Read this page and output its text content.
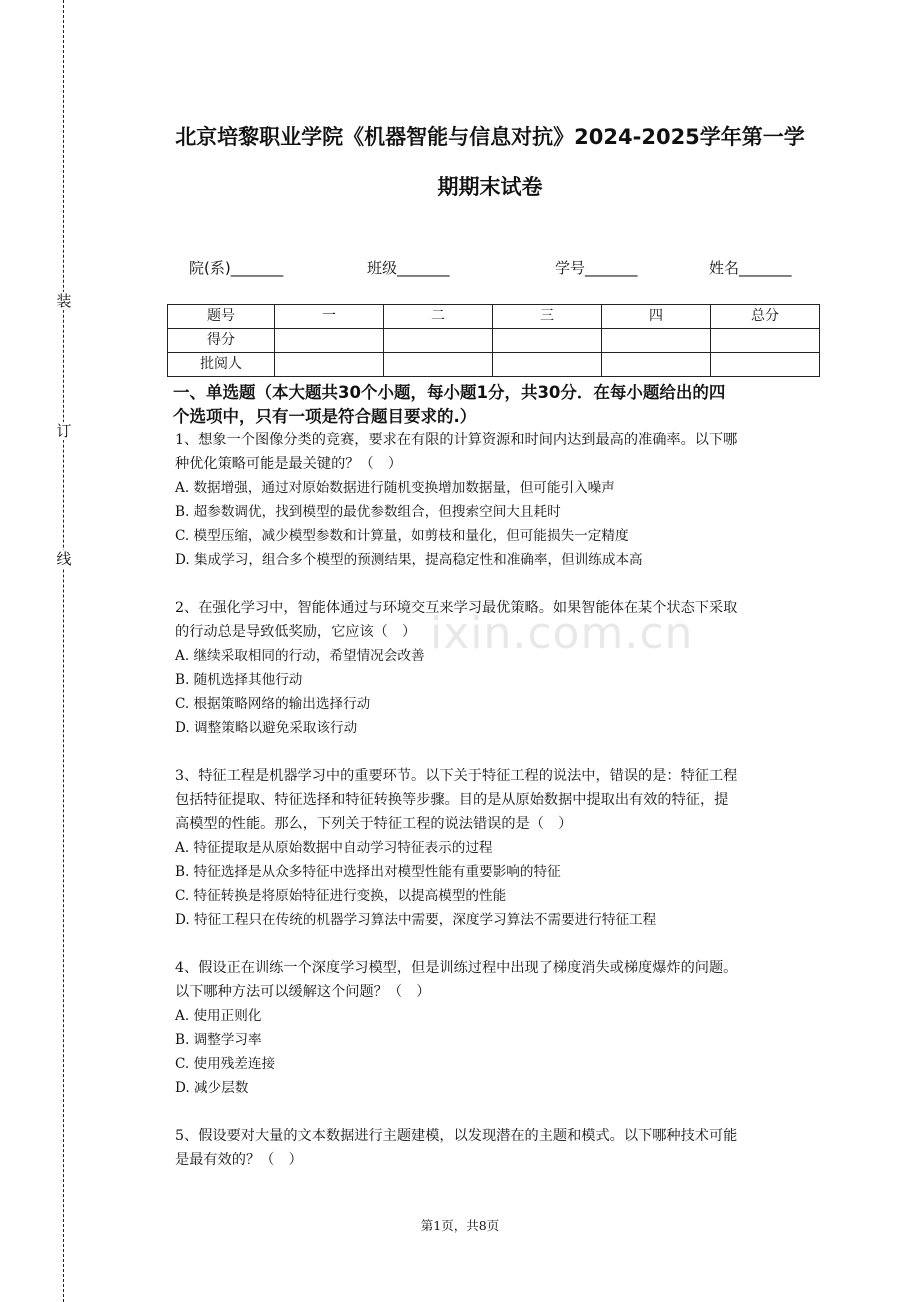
装
订
线
ixin.com.cn
北京培黎职业学院《机器智能与信息对抗》2024-2025学年第一学
期期末试卷
院(系)_______	班级_______	学号_______	姓名_______
题号	一	二	三	四	总分
得分					
批阅人					
一、单选题（本大题共30个小题，每小题1分，共30分．在每小题给出的四
个选项中，只有一项是符合题目要求的.）

1、想象一个图像分类的竞赛，要求在有限的计算资源和时间内达到最高的准确率。以下哪

种优化策略可能是最关键的？（　）

A. 数据增强，通过对原始数据进行随机变换增加数据量，但可能引入噪声

B. 超参数调优，找到模型的最优参数组合，但搜索空间大且耗时

C. 模型压缩，减少模型参数和计算量，如剪枝和量化，但可能损失一定精度

D. 集成学习，组合多个模型的预测结果，提高稳定性和准确率，但训练成本高

2、在强化学习中，智能体通过与环境交互来学习最优策略。如果智能体在某个状态下采取

的行动总是导致低奖励，它应该（　）

A. 继续采取相同的行动，希望情况会改善

B. 随机选择其他行动

C. 根据策略网络的输出选择行动

D. 调整策略以避免采取该行动

3、特征工程是机器学习中的重要环节。以下关于特征工程的说法中，错误的是：特征工程

包括特征提取、特征选择和特征转换等步骤。目的是从原始数据中提取出有效的特征，提

高模型的性能。那么，下列关于特征工程的说法错误的是（　）

A. 特征提取是从原始数据中自动学习特征表示的过程

B. 特征选择是从众多特征中选择出对模型性能有重要影响的特征

C. 特征转换是将原始特征进行变换，以提高模型的性能

D. 特征工程只在传统的机器学习算法中需要，深度学习算法不需要进行特征工程

4、假设正在训练一个深度学习模型，但是训练过程中出现了梯度消失或梯度爆炸的问题。

以下哪种方法可以缓解这个问题？（　）

A. 使用正则化

B. 调整学习率

C. 使用残差连接

D. 减少层数

5、假设要对大量的文本数据进行主题建模，以发现潜在的主题和模式。以下哪种技术可能

是最有效的？（　）

第1页，共8页
